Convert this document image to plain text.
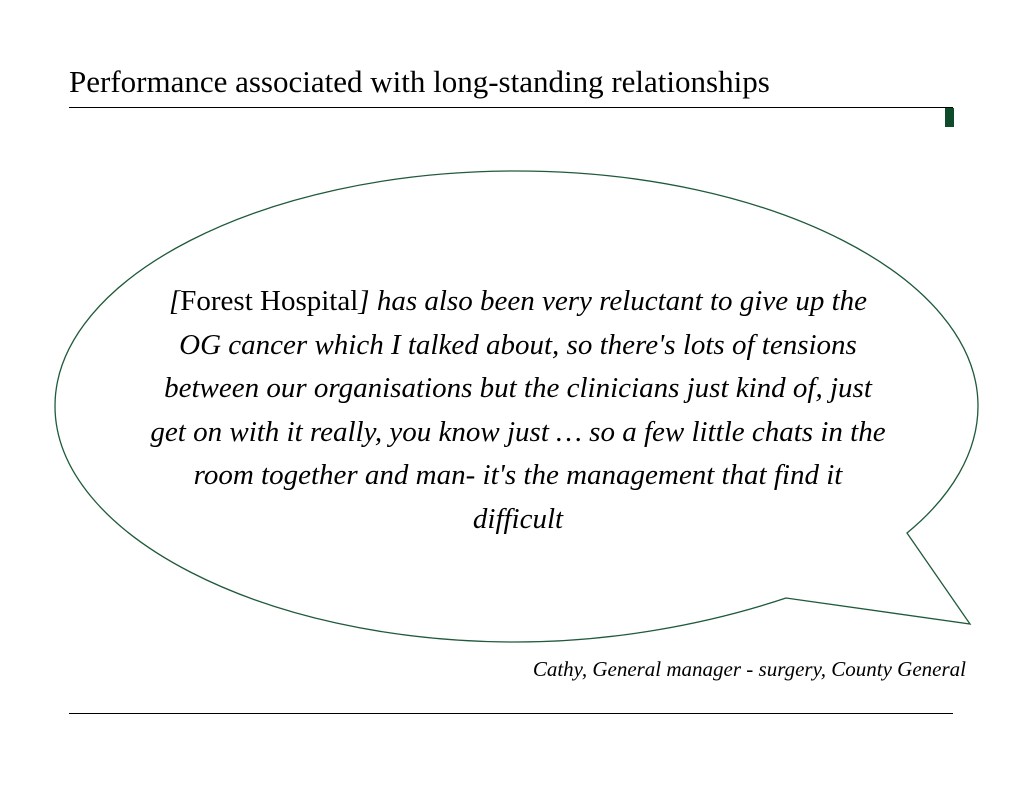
Performance associated with long-standing relationships

[Forest Hospital] has also been very reluctant to give up the OG cancer which I talked about, so there's lots of tensions between our organisations but the clinicians just kind of, just get on with it really, you know just … so a few little chats in the room together and man- it's the management that find it difficult

Cathy, General manager - surgery, County General
